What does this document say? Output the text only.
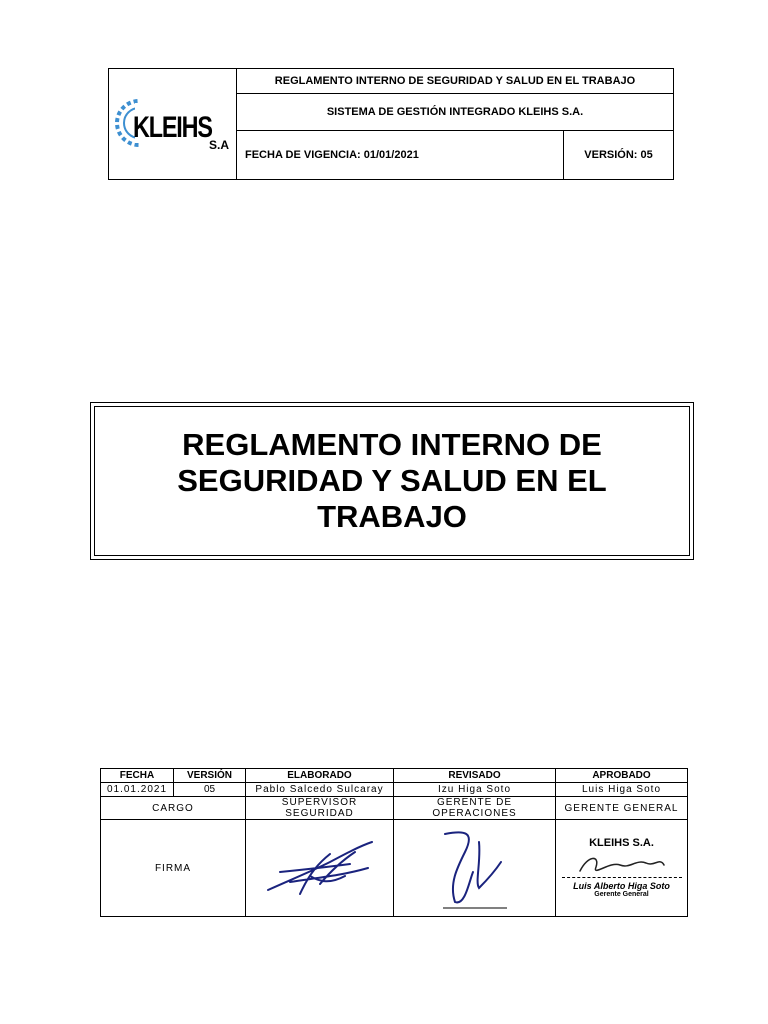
KLEIHS
S.A
REGLAMENTO INTERNO DE SEGURIDAD Y SALUD EN EL TRABAJO
SISTEMA DE GESTIÓN INTEGRADO KLEIHS S.A.
FECHA DE VIGENCIA: 01/01/2021	VERSIÓN: 05
REGLAMENTO INTERNO DE SEGURIDAD Y SALUD EN EL TRABAJO
FECHA	VERSIÓN	ELABORADO	REVISADO	APROBADO
01.01.2021	05	Pablo Salcedo Sulcaray	Izu Higa Soto	Luis Higa Soto
CARGO		SUPERVISOR SEGURIDAD	GERENTE DE OPERACIONES	GERENTE GENERAL
FIRMA				KLEIHS S.A.
Luis Alberto Higa Soto
Gerente General
